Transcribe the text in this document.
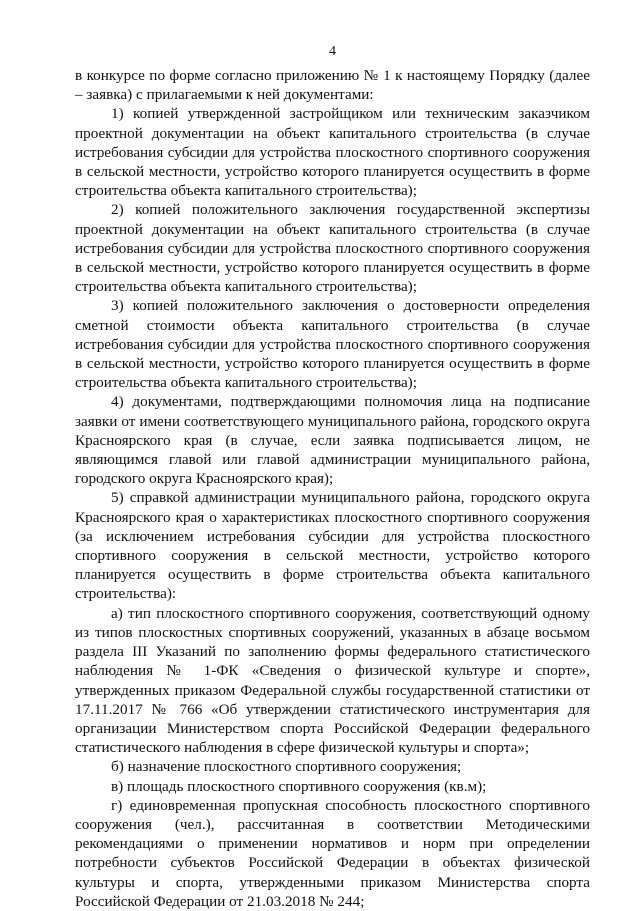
4

в конкурсе по форме согласно приложению № 1 к настоящему Порядку (далее – заявка) с прилагаемыми к ней документами:

1) копией утвержденной застройщиком или техническим заказчиком проектной документации на объект капитального строительства (в случае истребования субсидии для устройства плоскостного спортивного сооружения в сельской местности, устройство которого планируется осуществить в форме строительства объекта капитального строительства);

2) копией положительного заключения государственной экспертизы проектной документации на объект капитального строительства (в случае истребования субсидии для устройства плоскостного спортивного сооружения в сельской местности, устройство которого планируется осуществить в форме строительства объекта капитального строительства);

3) копией положительного заключения о достоверности определения сметной стоимости объекта капитального строительства (в случае истребования субсидии для устройства плоскостного спортивного сооружения в сельской местности, устройство которого планируется осуществить в форме строительства объекта капитального строительства);

4) документами, подтверждающими полномочия лица на подписание заявки от имени соответствующего муниципального района, городского округа Красноярского края (в случае, если заявка подписывается лицом, не являющимся главой или главой администрации муниципального района, городского округа Красноярского края);

5) справкой администрации муниципального района, городского округа Красноярского края о характеристиках плоскостного спортивного сооружения (за исключением истребования субсидии для устройства плоскостного спортивного сооружения в сельской местности, устройство которого планируется осуществить в форме строительства объекта капитального строительства):

а) тип плоскостного спортивного сооружения, соответствующий одному из типов плоскостных спортивных сооружений, указанных в абзаце восьмом раздела III Указаний по заполнению формы федерального статистического наблюдения № 1-ФК «Сведения о физической культуре и спорте», утвержденных приказом Федеральной службы государственной статистики от 17.11.2017 № 766 «Об утверждении статистического инструментария для организации Министерством спорта Российской Федерации федерального статистического наблюдения в сфере физической культуры и спорта»;

б) назначение плоскостного спортивного сооружения;

в) площадь плоскостного спортивного сооружения (кв.м);

г) единовременная пропускная способность плоскостного спортивного сооружения (чел.), рассчитанная в соответствии Методическими рекомендациями о применении нормативов и норм при определении потребности субъектов Российской Федерации в объектах физической культуры и спорта, утвержденными приказом Министерства спорта Российской Федерации от 21.03.2018 № 244;
